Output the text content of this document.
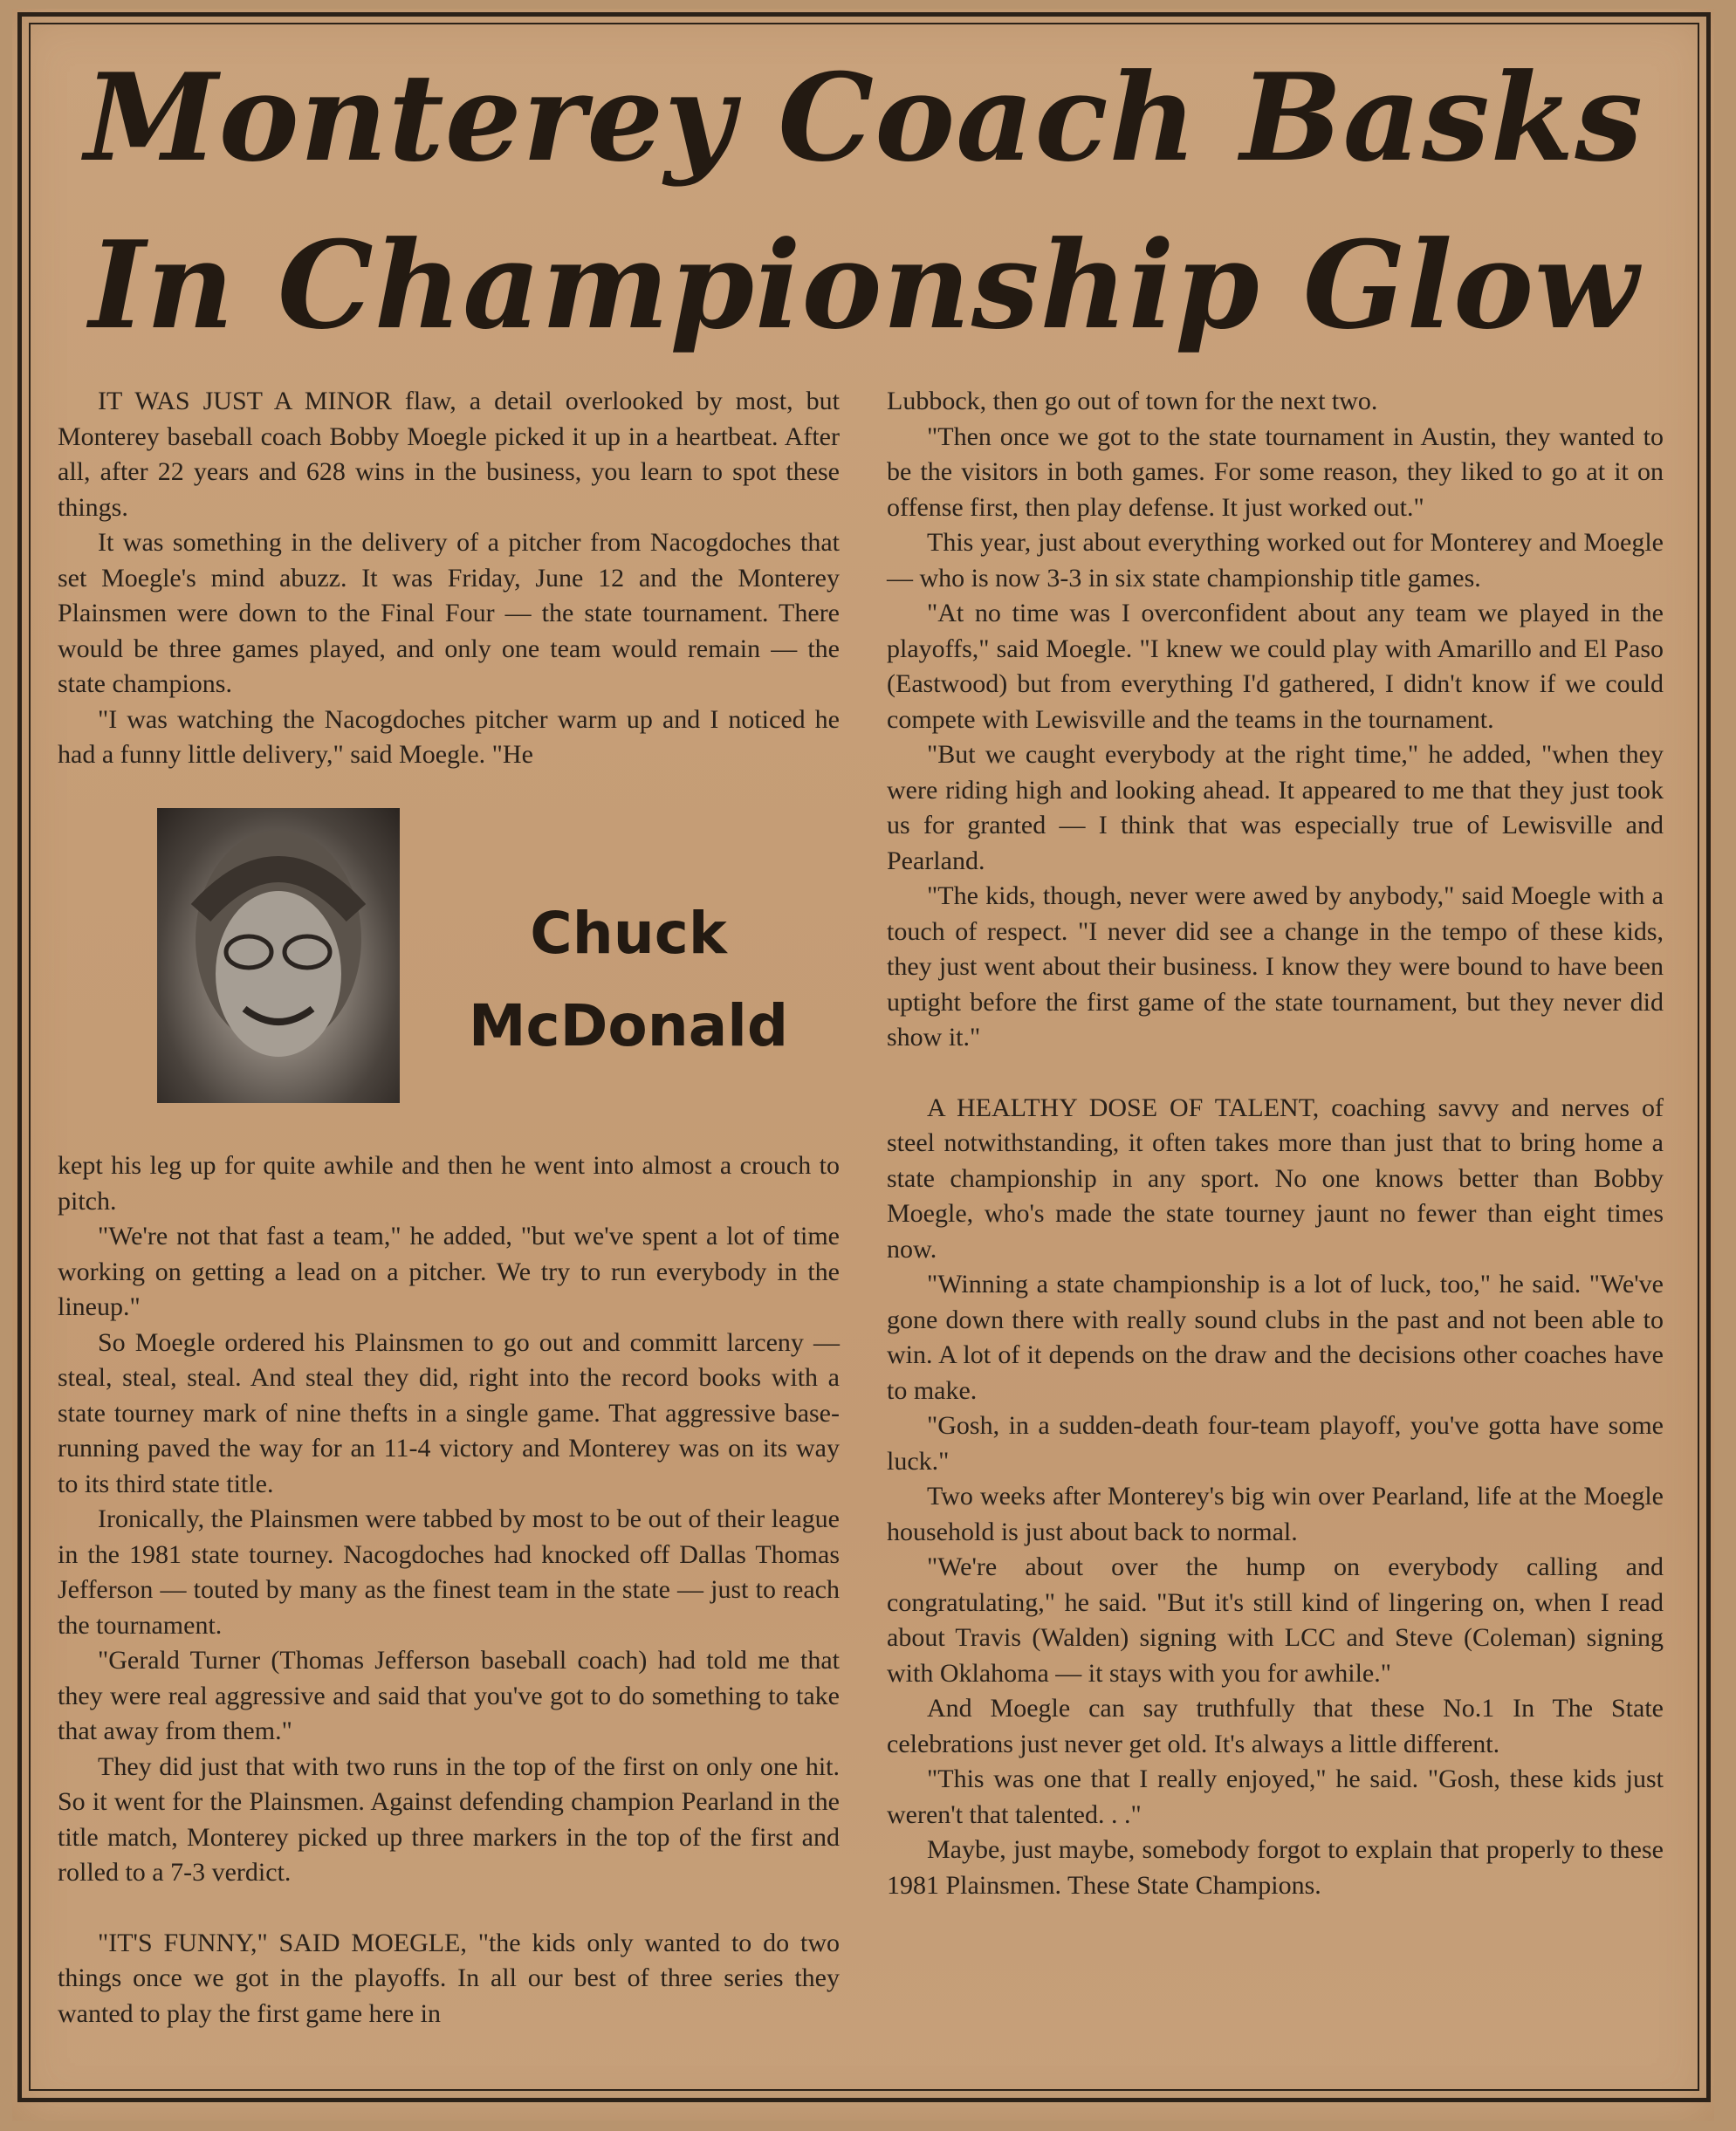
Monterey Coach Basks
In Championship Glow

IT WAS JUST A MINOR flaw, a detail overlooked by most, but Monterey baseball coach Bobby Moegle picked it up in a heartbeat. After all, after 22 years and 628 wins in the business, you learn to spot these things.

It was something in the delivery of a pitcher from Nacogdoches that set Moegle's mind abuzz. It was Friday, June 12 and the Monterey Plainsmen were down to the Final Four — the state tournament. There would be three games played, and only one team would remain — the state champions.

"I was watching the Nacogdoches pitcher warm up and I noticed he had a funny little delivery," said Moegle. "He

Chuck

McDonald

kept his leg up for quite awhile and then he went into almost a crouch to pitch.

"We're not that fast a team," he added, "but we've spent a lot of time working on getting a lead on a pitcher. We try to run everybody in the lineup."

So Moegle ordered his Plainsmen to go out and committ larceny — steal, steal, steal. And steal they did, right into the record books with a state tourney mark of nine thefts in a single game. That aggressive base-running paved the way for an 11-4 victory and Monterey was on its way to its third state title.

Ironically, the Plainsmen were tabbed by most to be out of their league in the 1981 state tourney. Nacogdoches had knocked off Dallas Thomas Jefferson — touted by many as the finest team in the state — just to reach the tournament.

"Gerald Turner (Thomas Jefferson baseball coach) had told me that they were real aggressive and said that you've got to do something to take that away from them."

They did just that with two runs in the top of the first on only one hit. So it went for the Plainsmen. Against defending champion Pearland in the title match, Monterey picked up three markers in the top of the first and rolled to a 7-3 verdict.

"IT'S FUNNY," SAID MOEGLE, "the kids only wanted to do two things once we got in the playoffs. In all our best of three series they wanted to play the first game here in

Lubbock, then go out of town for the next two.

"Then once we got to the state tournament in Austin, they wanted to be the visitors in both games. For some reason, they liked to go at it on offense first, then play defense. It just worked out."

This year, just about everything worked out for Monterey and Moegle — who is now 3-3 in six state championship title games.

"At no time was I overconfident about any team we played in the playoffs," said Moegle. "I knew we could play with Amarillo and El Paso (Eastwood) but from everything I'd gathered, I didn't know if we could compete with Lewisville and the teams in the tournament.

"But we caught everybody at the right time," he added, "when they were riding high and looking ahead. It appeared to me that they just took us for granted — I think that was especially true of Lewisville and Pearland.

"The kids, though, never were awed by anybody," said Moegle with a touch of respect. "I never did see a change in the tempo of these kids, they just went about their business. I know they were bound to have been uptight before the first game of the state tournament, but they never did show it."

A HEALTHY DOSE OF TALENT, coaching savvy and nerves of steel notwithstanding, it often takes more than just that to bring home a state championship in any sport. No one knows better than Bobby Moegle, who's made the state tourney jaunt no fewer than eight times now.

"Winning a state championship is a lot of luck, too," he said. "We've gone down there with really sound clubs in the past and not been able to win. A lot of it depends on the draw and the decisions other coaches have to make.

"Gosh, in a sudden-death four-team playoff, you've gotta have some luck."

Two weeks after Monterey's big win over Pearland, life at the Moegle household is just about back to normal.

"We're about over the hump on everybody calling and congratulating," he said. "But it's still kind of lingering on, when I read about Travis (Walden) signing with LCC and Steve (Coleman) signing with Oklahoma — it stays with you for awhile."

And Moegle can say truthfully that these No.1 In The State celebrations just never get old. It's always a little different.

"This was one that I really enjoyed," he said. "Gosh, these kids just weren't that talented. . ."

Maybe, just maybe, somebody forgot to explain that properly to these 1981 Plainsmen. These State Champions.
